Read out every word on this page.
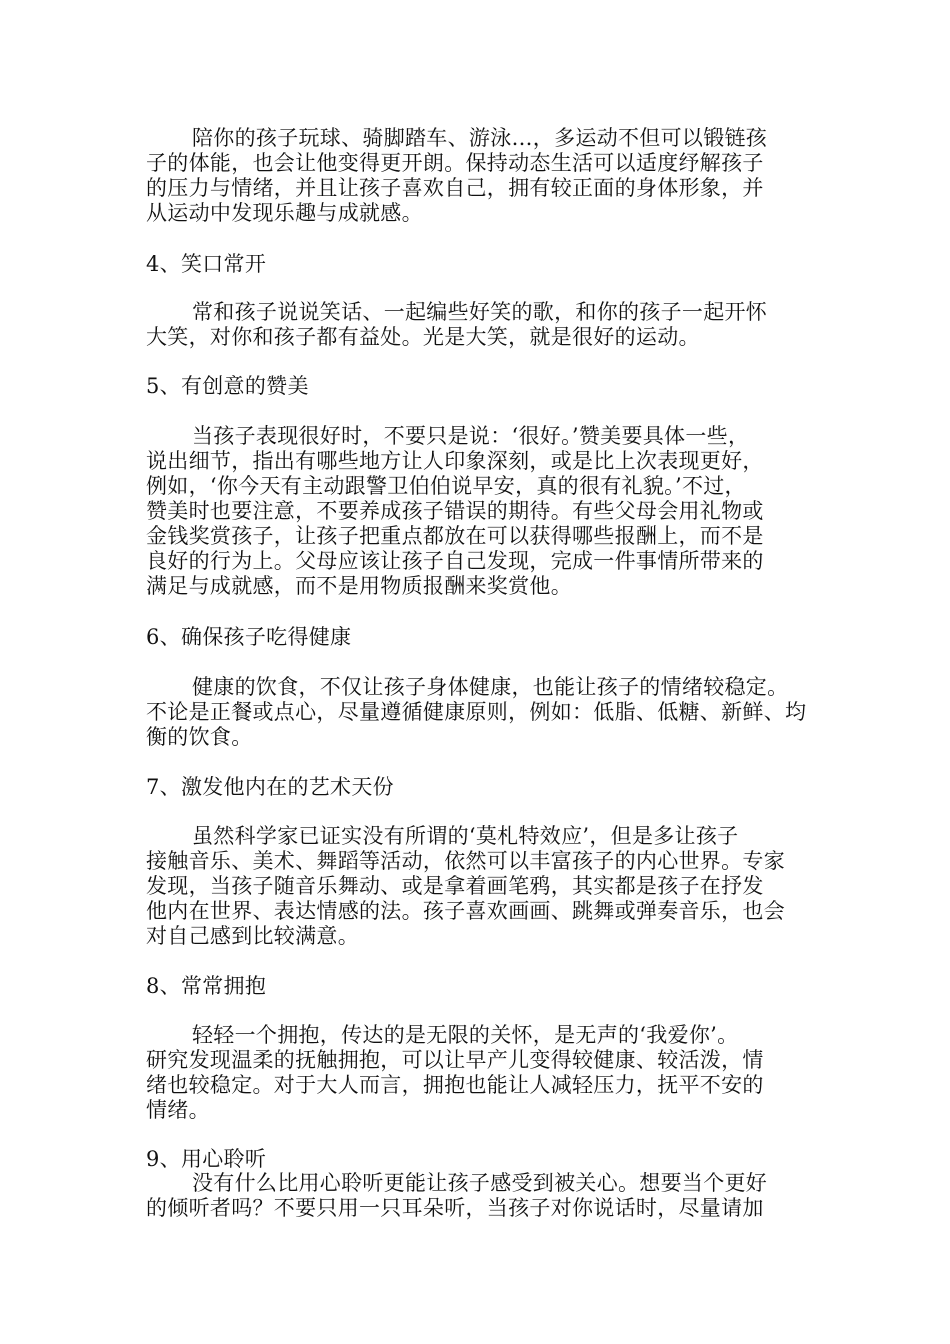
陪你的孩子玩球、骑脚踏车、游泳…，多运动不但可以锻链孩
子的体能，也会让他变得更开朗。保持动态生活可以适度纾解孩子
的压力与情绪，并且让孩子喜欢自己，拥有较正面的身体形象，并
从运动中发现乐趣与成就感。
4、笑口常开
常和孩子说说笑话、一起编些好笑的歌，和你的孩子一起开怀
大笑，对你和孩子都有益处。光是大笑，就是很好的运动。
5、有创意的赞美
当孩子表现很好时，不要只是说：‘很好。’赞美要具体一些，
说出细节，指出有哪些地方让人印象深刻，或是比上次表现更好，
例如，‘你今天有主动跟警卫伯伯说早安，真的很有礼貌。’不过，
赞美时也要注意，不要养成孩子错误的期待。有些父母会用礼物或
金钱奖赏孩子，让孩子把重点都放在可以获得哪些报酬上，而不是
良好的行为上。父母应该让孩子自己发现，完成一件事情所带来的
满足与成就感，而不是用物质报酬来奖赏他。
6、确保孩子吃得健康
健康的饮食，不仅让孩子身体健康，也能让孩子的情绪较稳定。
不论是正餐或点心，尽量遵循健康原则，例如：低脂、低糖、新鲜、均
衡的饮食。
7、激发他内在的艺术天份
虽然科学家已证实没有所谓的‘莫札特效应’，但是多让孩子
接触音乐、美术、舞蹈等活动，依然可以丰富孩子的内心世界。专家
发现，当孩子随音乐舞动、或是拿着画笔鸦，其实都是孩子在抒发
他内在世界、表达情感的法。孩子喜欢画画、跳舞或弹奏音乐，也会
对自己感到比较满意。
8、常常拥抱
轻轻一个拥抱，传达的是无限的关怀，是无声的‘我爱你’。
研究发现温柔的抚触拥抱，可以让早产儿变得较健康、较活泼，情
绪也较稳定。对于大人而言，拥抱也能让人减轻压力，抚平不安的
情绪。
9、用心聆听
没有什么比用心聆听更能让孩子感受到被关心。想要当个更好
的倾听者吗？不要只用一只耳朵听，当孩子对你说话时，尽量请加
